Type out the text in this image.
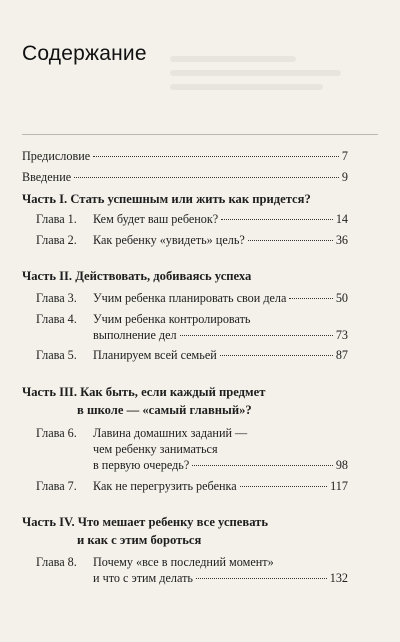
Содержание
Предисловие	7
Введение	9
Часть I. Стать успешным или жить как придется?
Глава 1. Кем будет ваш ребенок?	14
Глава 2. Как ребенку «увидеть» цель?	36
Часть II. Действовать, добиваясь успеха
Глава 3. Учим ребенка планировать свои дела	50
Глава 4. Учим ребенка контролировать
выполнение дел	73
Глава 5. Планируем всей семьей	87
Часть III. Как быть, если каждый предмет
в школе — «самый главный»?
Глава 6. Лавина домашних заданий —
чем ребенку заниматься
в первую очередь?	98
Глава 7. Как не перегрузить ребенка	117
Часть IV. Что мешает ребенку все успевать
и как с этим бороться
Глава 8. Почему «все в последний момент»
и что с этим делать	132
